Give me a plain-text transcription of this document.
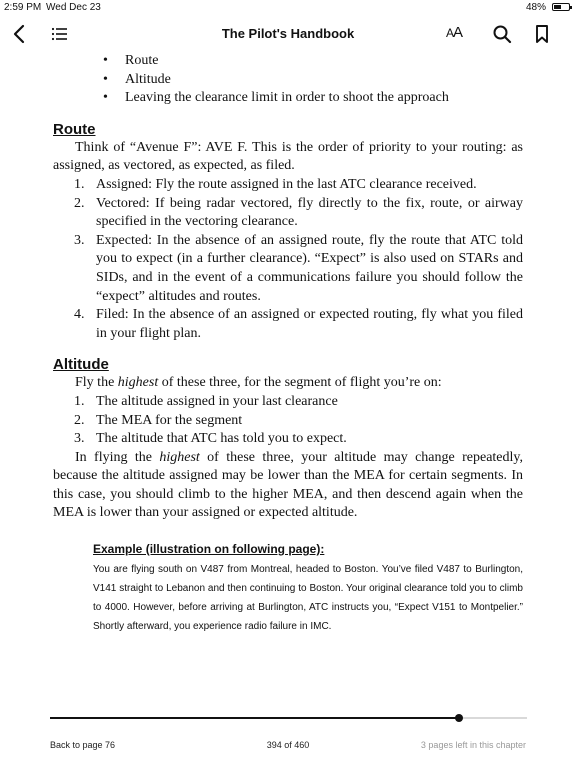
2:59 PM Wed Dec 23	48%
The Pilot's Handbook	AA
• Route
• Altitude
• Leaving the clearance limit in order to shoot the approach
Route

Think of “Avenue F”: AVE F. This is the order of priority to your routing: as assigned, as vectored, as expected, as filed.

1. Assigned: Fly the route assigned in the last ATC clearance received.
2. Vectored: If being radar vectored, fly directly to the fix, route, or airway specified in the vectoring clearance.
3. Expected: In the absence of an assigned route, fly the route that ATC told you to expect (in a further clearance). “Expect” is also used on STARs and SIDs, and in the event of a communications failure you should follow the “expect” altitudes and routes.
4. Filed: In the absence of an assigned or expected routing, fly what you filed in your flight plan.
Altitude

Fly the highest of these three, for the segment of flight you’re on:

1. The altitude assigned in your last clearance
2. The MEA for the segment
3. The altitude that ATC has told you to expect.

In flying the highest of these three, your altitude may change repeatedly, because the altitude assigned may be lower than the MEA for certain segments. In this case, you should climb to the higher MEA, and then descend again when the MEA is lower than your assigned or expected altitude.

Example (illustration on following page):
You are flying south on V487 from Montreal, headed to Boston. You’ve filed V487 to Burlington, V141 straight to Lebanon and then continuing to Boston. Your original clearance told you to climb to 4000. However, before arriving at Burlington, ATC instructs you, “Expect V151 to Montpelier.” Shortly afterward, you experience radio failure in IMC.
Back to page 76	394 of 460	3 pages left in this chapter
